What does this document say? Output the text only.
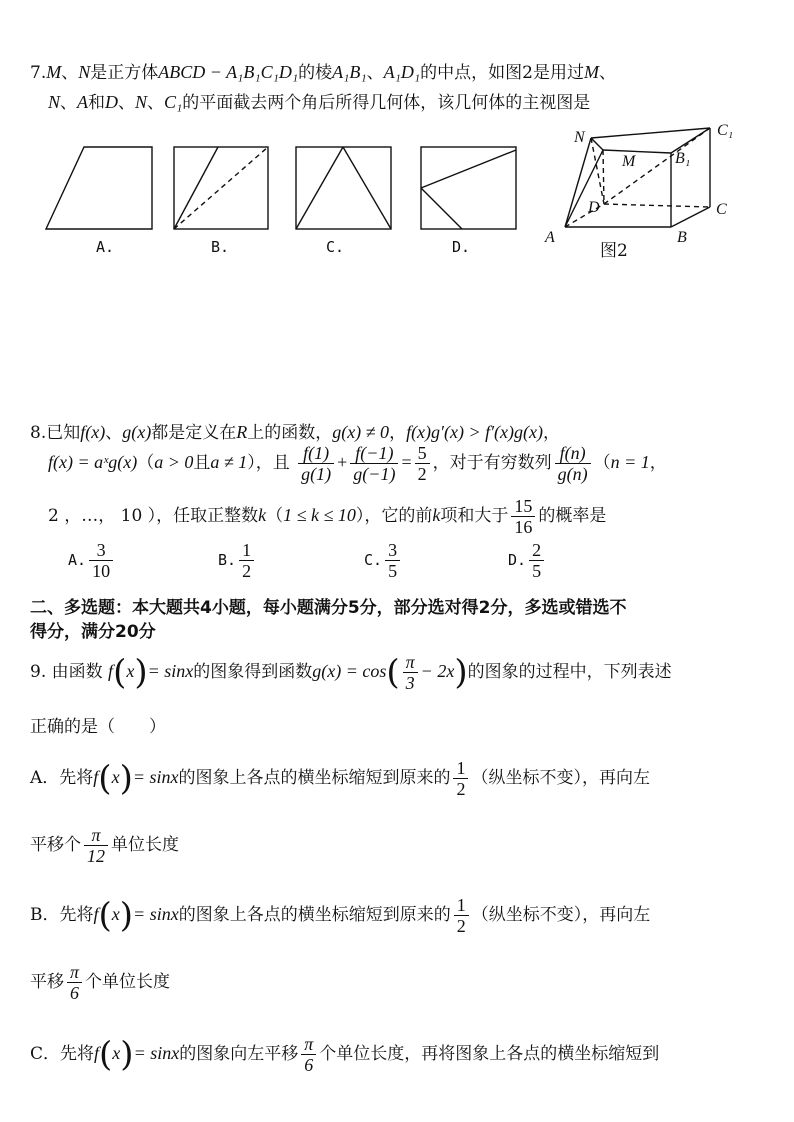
7.M、N是正方体ABCD − A₁B₁C₁D₁的棱A₁B₁、A₁D₁的中点，如图2是用过M、
N、A和D、N、C₁的平面截去两个角后所得几何体，该几何体的主视图是
N
M
C₁
B₁
D	C
A	B
A.	B.	C.	D.	图2
8.已知f(x)、g(x)都是定义在R上的函数，g(x) ≠ 0，f(x)g′(x) > f′(x)g(x)，
f(x) = aˣg(x)（a > 0且a ≠ 1），且 $\frac{f(1)}{g(1)} + \frac{f(-1)}{g(-1)} = \frac{5}{2}$ ，对于有穷数列 $\frac{f(n)}{g(n)} (n = 1$，
2 ，…， 10 ），任取正整数k（1 ≤ k ≤ 10），它的前k项和大于 $\frac{15}{16}$ 的概率是
A. $\frac{3}{10}$	B. $\frac{1}{2}$	C. $\frac{3}{5}$	D. $\frac{2}{5}$
二、多选题：本大题共4小题，每小题满分5分，部分选对得2分，多选或错选不
得分，满分20分
9. 由函数 f(x)= sinx的图象得到函数$g(x) = \cos( \frac{\pi}{3} - 2x)$的图象的过程中，下列表述
正确的是（　　）
A．先将f(x)= sinx的图象上各点的横坐标缩短到原来的 $\frac{1}{2}$ （纵坐标不变），再向左
平移个 $\frac{\pi}{12}$ 单位长度
B．先将f(x)= sinx的图象上各点的横坐标缩短到原来的 $\frac{1}{2}$ （纵坐标不变），再向左
平移 $\frac{\pi}{6}$ 个单位长度
C．先将f(x)= sinx的图象向左平移 $\frac{\pi}{6}$ 个单位长度，再将图象上各点的横坐标缩短到
